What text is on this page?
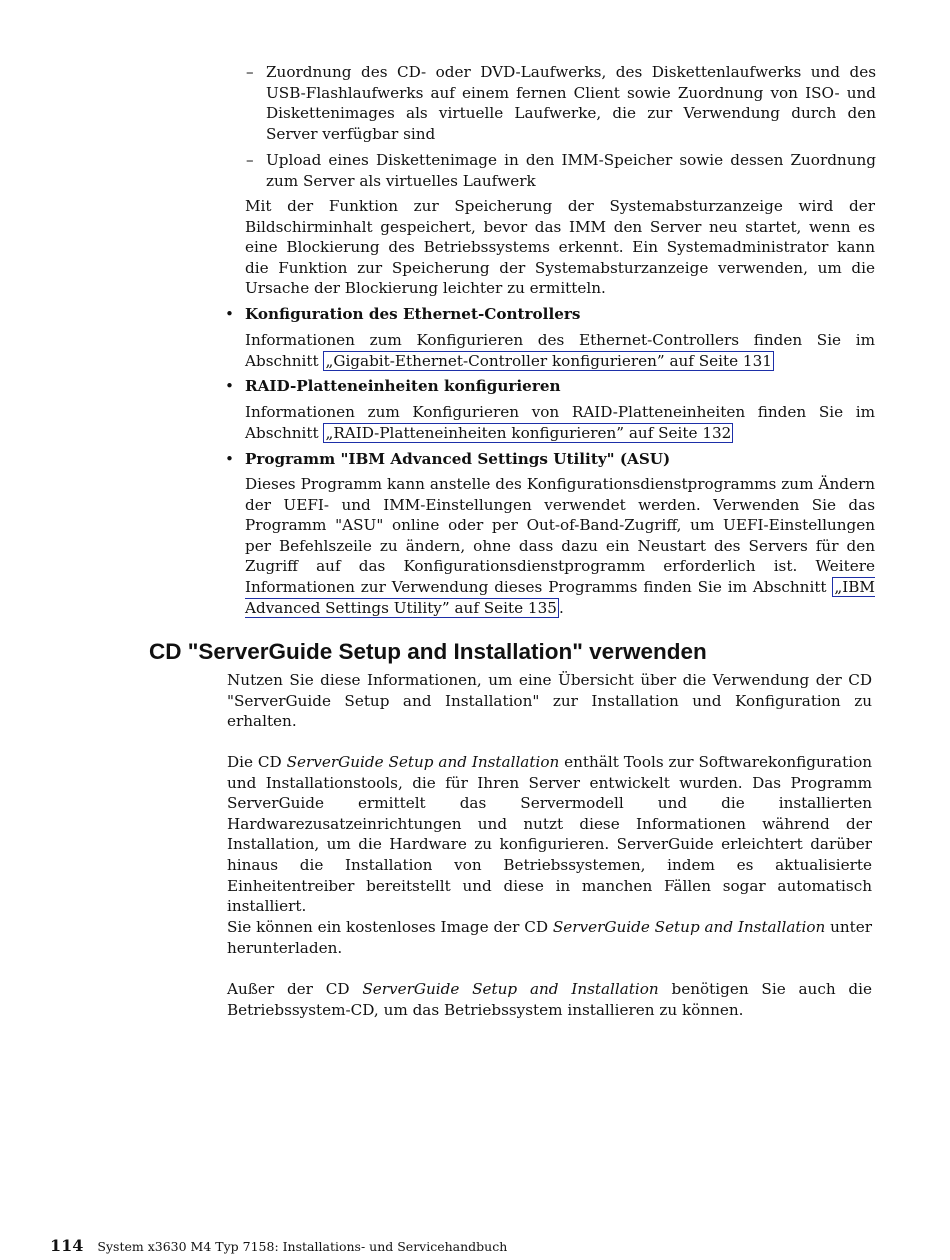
– Zuordnung des CD- oder DVD-Laufwerks, des Diskettenlaufwerks und des USB-Flashlaufwerks auf einem fernen Client sowie Zuordnung von ISO- und Diskettenimages als virtuelle Laufwerke, die zur Verwendung durch den Server verfügbar sind
– Upload eines Diskettenimage in den IMM-Speicher sowie dessen Zuordnung zum Server als virtuelles Laufwerk

Mit der Funktion zur Speicherung der Systemabsturzanzeige wird der Bildschirminhalt gespeichert, bevor das IMM den Server neu startet, wenn es eine Blockierung des Betriebssystems erkennt. Ein Systemadministrator kann die Funktion zur Speicherung der Systemabsturzanzeige verwenden, um die Ursache der Blockierung leichter zu ermitteln.

• Konfiguration des Ethernet-Controllers

Informationen zum Konfigurieren des Ethernet-Controllers finden Sie im Abschnitt „Gigabit-Ethernet-Controller konfigurieren” auf Seite 131

• RAID-Platteneinheiten konfigurieren

Informationen zum Konfigurieren von RAID-Platteneinheiten finden Sie im Abschnitt „RAID-Platteneinheiten konfigurieren” auf Seite 132

• Programm "IBM Advanced Settings Utility" (ASU)

Dieses Programm kann anstelle des Konfigurationsdienstprogramms zum Ändern der UEFI- und IMM-Einstellungen verwendet werden. Verwenden Sie das Programm "ASU" online oder per Out-of-Band-Zugriff, um UEFI-Einstellungen per Befehlszeile zu ändern, ohne dass dazu ein Neustart des Servers für den Zugriff auf das Konfigurationsdienstprogramm erforderlich ist. Weitere Informationen zur Verwendung dieses Programms finden Sie im Abschnitt „IBM Advanced Settings Utility” auf Seite 135 .

CD "ServerGuide Setup and Installation" verwenden

Nutzen Sie diese Informationen, um eine Übersicht über die Verwendung der CD "ServerGuide Setup and Installation" zur Installation und Konfiguration zu erhalten.

Die CD ServerGuide Setup and Installation enthält Tools zur Softwarekonfiguration und Installationstools, die für Ihren Server entwickelt wurden. Das Programm ServerGuide ermittelt das Servermodell und die installierten Hardwarezusatzeinrichtungen und nutzt diese Informationen während der Installation, um die Hardware zu konfigurieren. ServerGuide erleichtert darüber hinaus die Installation von Betriebssystemen, indem es aktualisierte Einheitentreiber bereitstellt und diese in manchen Fällen sogar automatisch installiert.

Sie können ein kostenloses Image der CD ServerGuide Setup and Installation unter herunterladen.

Außer der CD ServerGuide Setup and Installation benötigen Sie auch die Betriebssystem-CD, um das Betriebssystem installieren zu können.

114 System x3630 M4 Typ 7158: Installations- und Servicehandbuch
